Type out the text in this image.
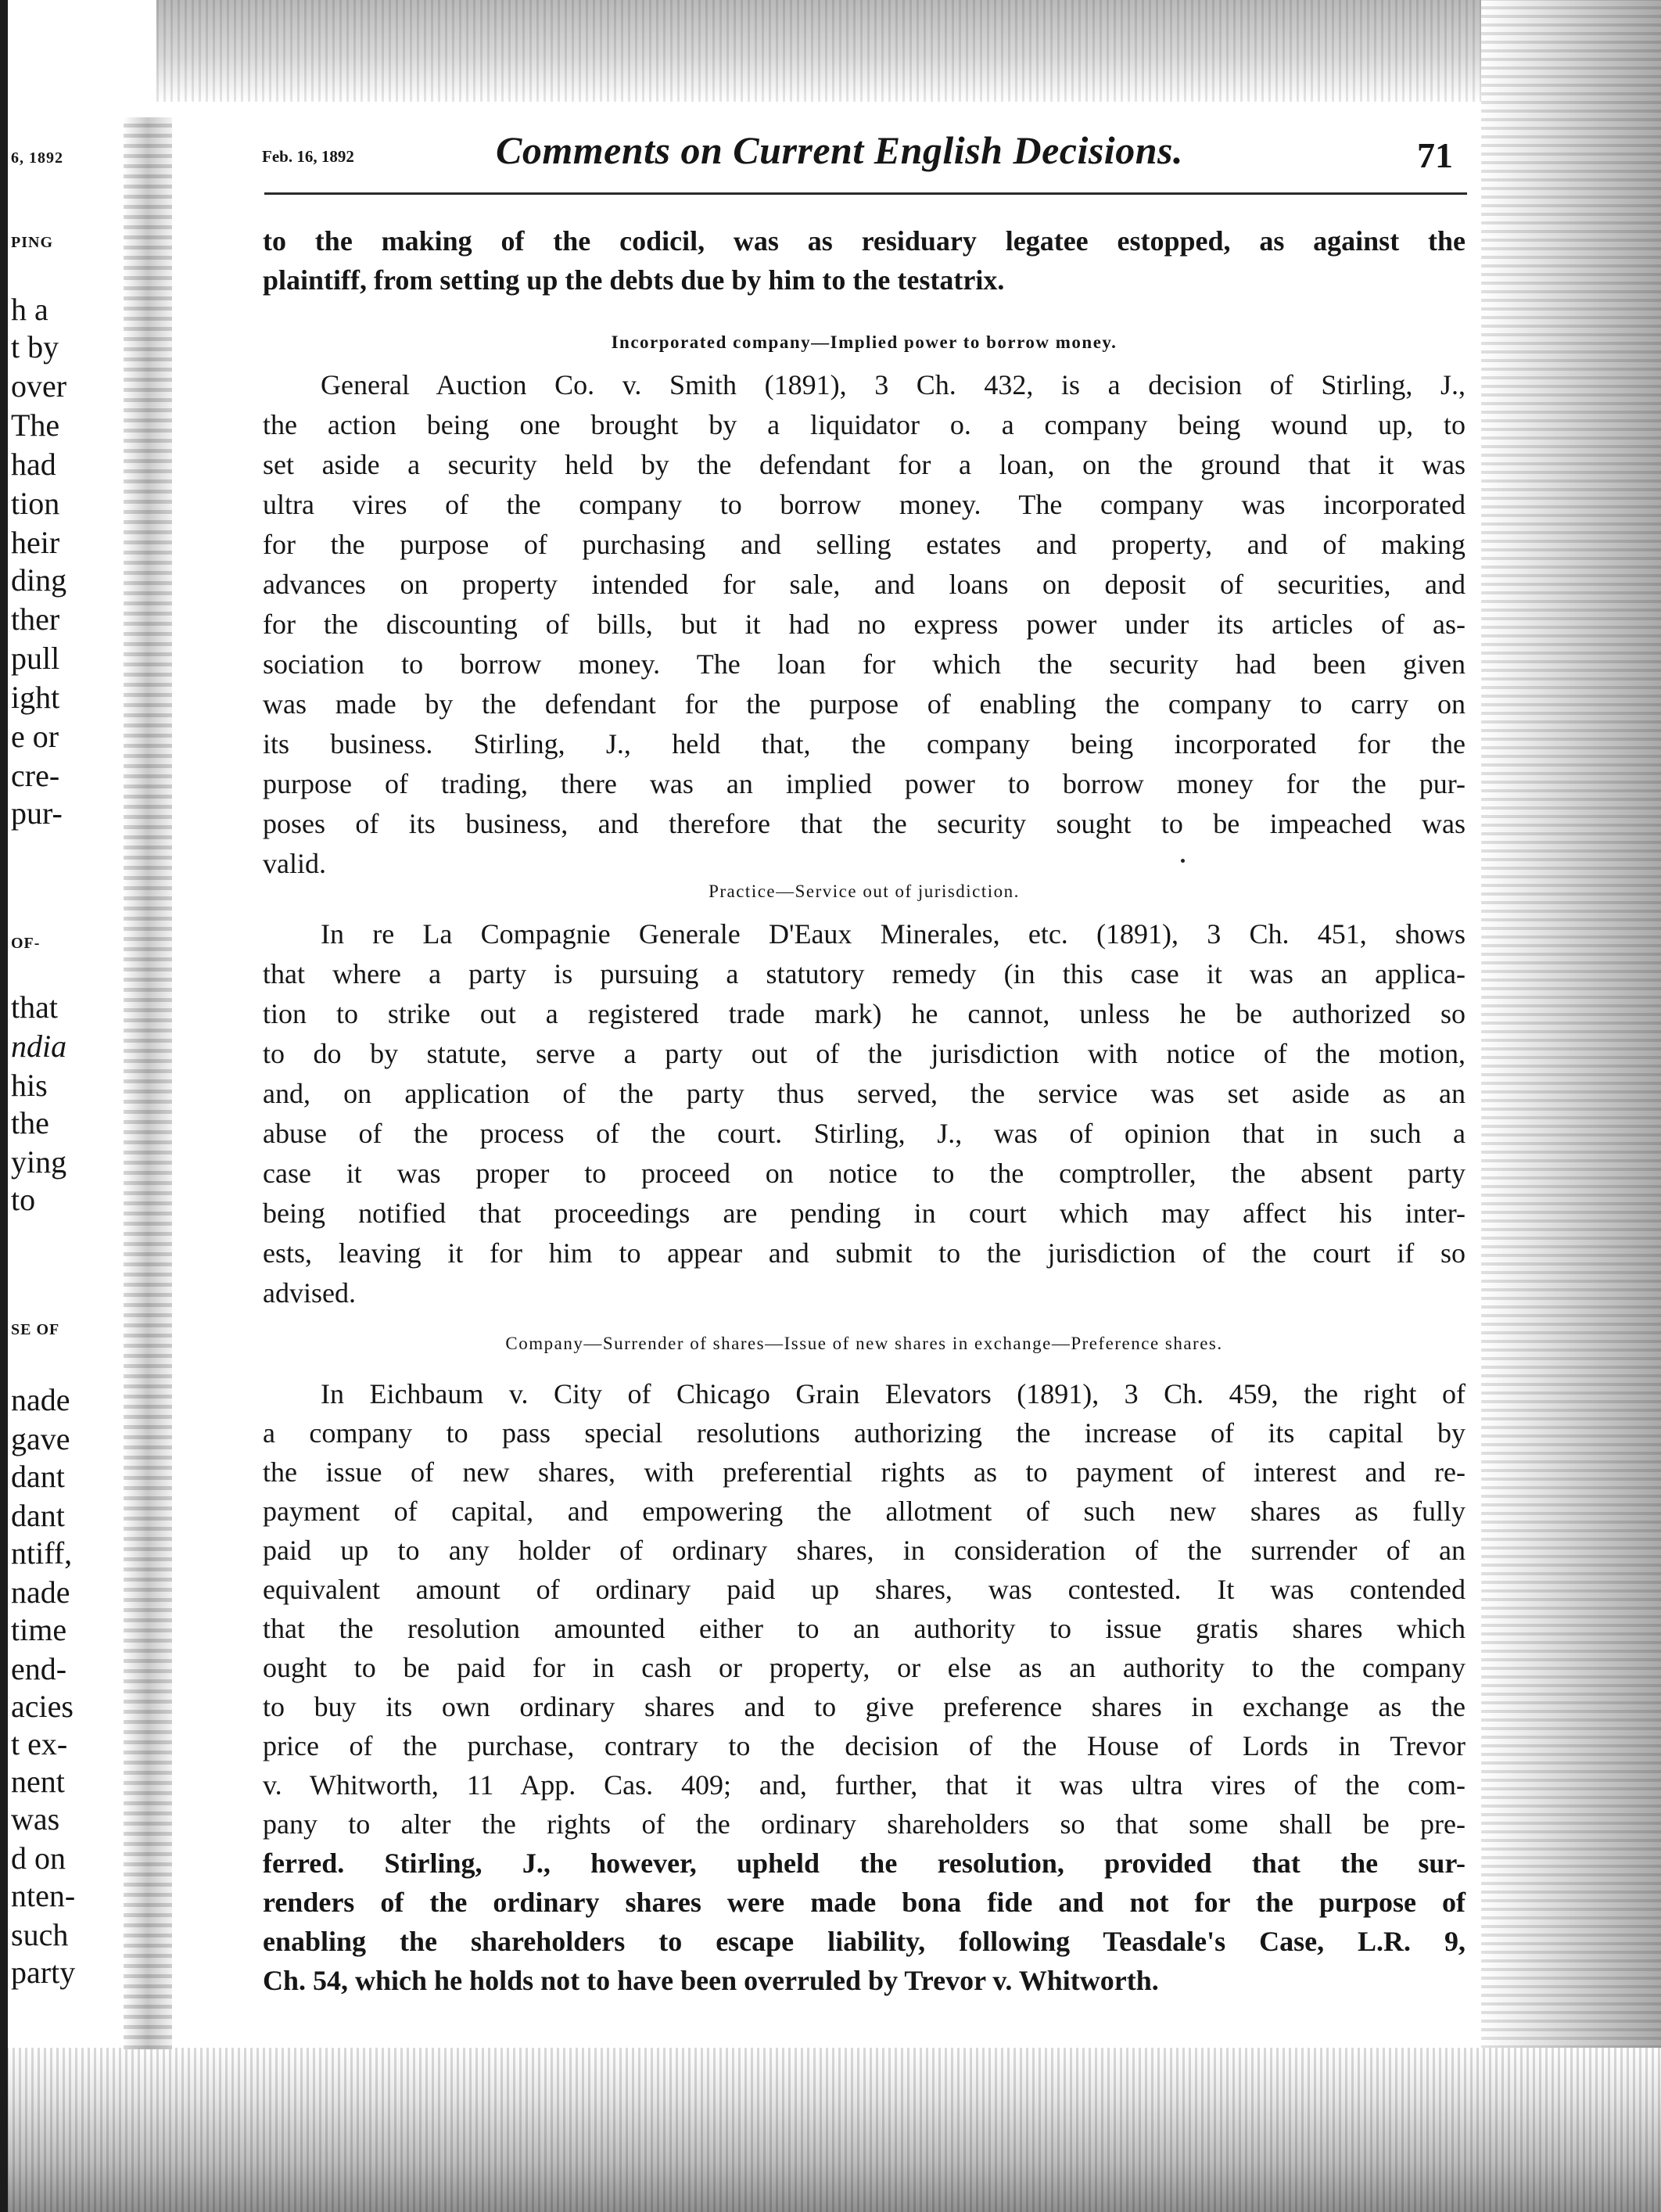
6, 1892
PING
h a
t by
over
The
had
tion
heir
ding
ther
pull
ight
e or
cre-
pur-
OF-
that
ndia
his
the
ying
to
SE OF
nade
gave
dant
dant
ntiff,
nade
time
end-
acies
t ex-
nent
was
d on
nten-
such
party
Feb. 16, 1892	Comments on Current English Decisions.	71
to the making of the codicil, was as residuary legatee estopped, as against the
plaintiff, from setting up the debts due by him to the testatrix.
Incorporated company—Implied power to borrow money.
General Auction Co. v. Smith (1891), 3 Ch. 432, is a decision of Stirling, J.,
the action being one brought by a liquidator o. a company being wound up, to
set aside a security held by the defendant for a loan, on the ground that it was
ultra vires of the company to borrow money. The company was incorporated
for the purpose of purchasing and selling estates and property, and of making
advances on property intended for sale, and loans on deposit of securities, and
for the discounting of bills, but it had no express power under its articles of as-
sociation to borrow money. The loan for which the security had been given
was made by the defendant for the purpose of enabling the company to carry on
its business. Stirling, J., held that, the company being incorporated for the
purpose of trading, there was an implied power to borrow money for the pur-
poses of its business, and therefore that the security sought to be impeached was
valid.
Practice—Service out of jurisdiction.
In re La Compagnie Generale D'Eaux Minerales, etc. (1891), 3 Ch. 451, shows
that where a party is pursuing a statutory remedy (in this case it was an applica-
tion to strike out a registered trade mark) he cannot, unless he be authorized so
to do by statute, serve a party out of the jurisdiction with notice of the motion,
and, on application of the party thus served, the service was set aside as an
abuse of the process of the court. Stirling, J., was of opinion that in such a
case it was proper to proceed on notice to the comptroller, the absent party
being notified that proceedings are pending in court which may affect his inter-
ests, leaving it for him to appear and submit to the jurisdiction of the court if so
advised.
Company—Surrender of shares—Issue of new shares in exchange—Preference shares.
In Eichbaum v. City of Chicago Grain Elevators (1891), 3 Ch. 459, the right of
a company to pass special resolutions authorizing the increase of its capital by
the issue of new shares, with preferential rights as to payment of interest and re-
payment of capital, and empowering the allotment of such new shares as fully
paid up to any holder of ordinary shares, in consideration of the surrender of an
equivalent amount of ordinary paid up shares, was contested. It was contended
that the resolution amounted either to an authority to issue gratis shares which
ought to be paid for in cash or property, or else as an authority to the company
to buy its own ordinary shares and to give preference shares in exchange as the
price of the purchase, contrary to the decision of the House of Lords in Trevor
v. Whitworth, 11 App. Cas. 409; and, further, that it was ultra vires of the com-
pany to alter the rights of the ordinary shareholders so that some shall be pre-
ferred. Stirling, J., however, upheld the resolution, provided that the sur-
renders of the ordinary shares were made bona fide and not for the purpose of
enabling the shareholders to escape liability, following Teasdale's Case, L.R. 9,
Ch. 54, which he holds not to have been overruled by Trevor v. Whitworth.
